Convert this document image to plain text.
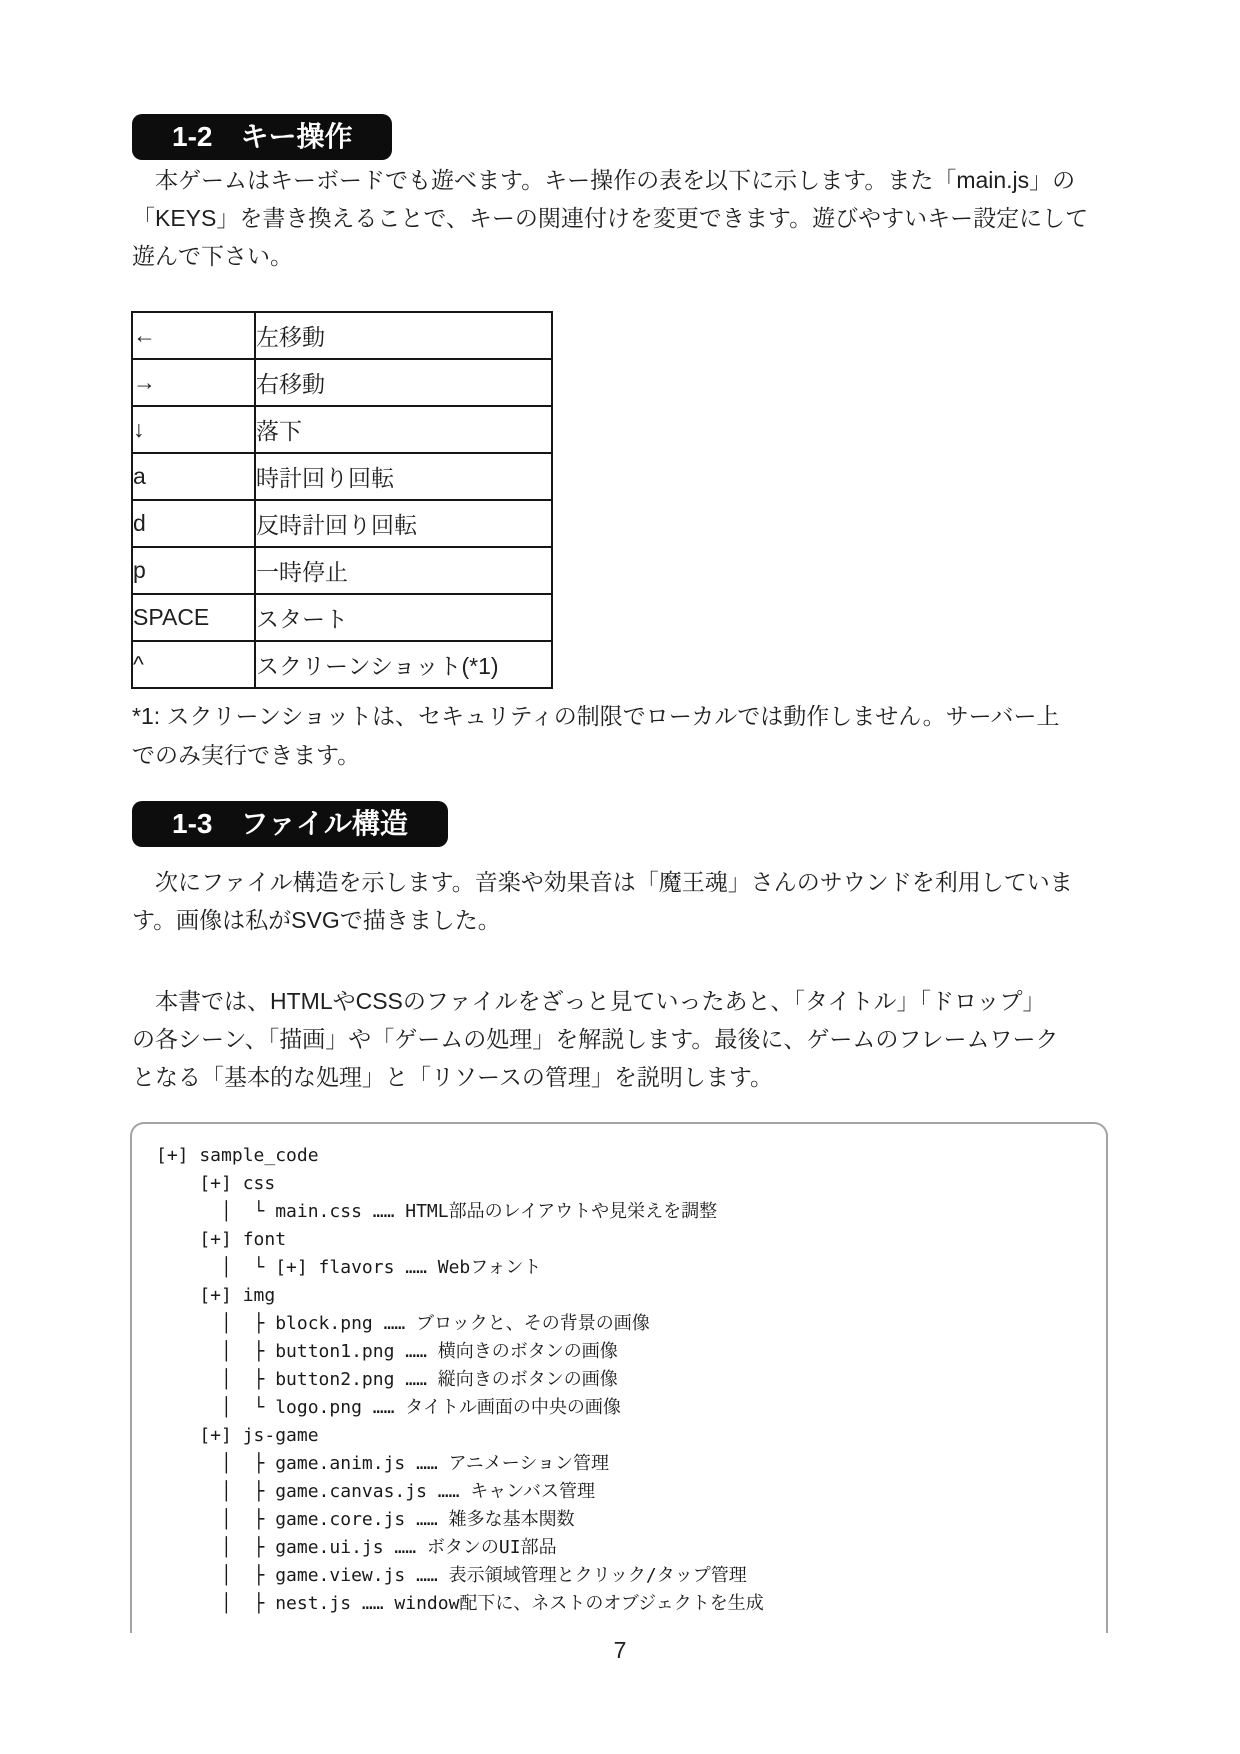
1-2　キー操作
　本ゲームはキーボードでも遊べます。キー操作の表を以下に示します。また「main.js」の
「KEYS」を書き換えることで、キーの関連付けを変更できます。遊びやすいキー設定にして
遊んで下さい。
←	左移動
→	右移動
↓	落下
a	時計回り回転
d	反時計回り回転
p	一時停止
SPACE	スタート
^	スクリーンショット(*1)
*1: スクリーンショットは、セキュリティの制限でローカルでは動作しません。サーバー上
でのみ実行できます。
1-3　ファイル構造
　次にファイル構造を示します。音楽や効果音は「魔王魂」さんのサウンドを利用していま
す。画像は私がSVGで描きました。
　本書では、HTMLやCSSのファイルをざっと見ていったあと、「タイトル」「ドロップ」
の各シーン、「描画」や「ゲームの処理」を解説します。最後に、ゲームのフレームワーク
となる「基本的な処理」と「リソースの管理」を説明します。
[+] sample_code
[+] css
│  └ main.css …… HTML部品のレイアウトや見栄えを調整
[+] font
│  └ [+] flavors …… Webフォント
[+] img
│  ├ block.png …… ブロックと、その背景の画像
│  ├ button1.png …… 横向きのボタンの画像
│  ├ button2.png …… 縦向きのボタンの画像
│  └ logo.png …… タイトル画面の中央の画像
[+] js-game
│  ├ game.anim.js …… アニメーション管理
│  ├ game.canvas.js …… キャンバス管理
│  ├ game.core.js …… 雑多な基本関数
│  ├ game.ui.js …… ボタンのUI部品
│  ├ game.view.js …… 表示領域管理とクリック/タップ管理
│  ├ nest.js …… window配下に、ネストのオブジェクトを生成
7
